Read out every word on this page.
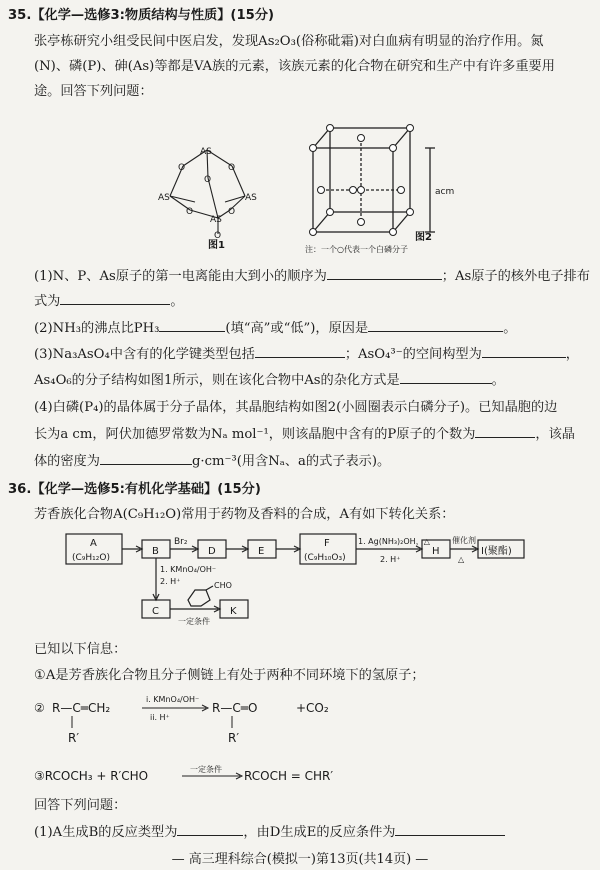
35.【化学—选修3:物质结构与性质】(15分)
张亭栋研究小组受民间中医启发，发现As₂O₃(俗称砒霜)对白血病有明显的治疗作用。氮
(N)、磷(P)、砷(As)等都是VA族的元素，该族元素的化合物在研究和生产中有许多重要用
途。回答下列问题：
AS
O	O
O
AS	AS
O	O
AS
O
图1
acm
图2
注：一个○代表一个白磷分子
(1)N、P、As原子的第一电离能由大到小的顺序为	；As原子的核外电子排布
式为	。
(2)NH₃的沸点比PH₃	(填“高”或“低”)，原因是	。
(3)Na₃AsO₄中含有的化学键类型包括	；AsO₄³⁻的空间构型为	，
As₄O₆的分子结构如图1所示，则在该化合物中As的杂化方式是	。
(4)白磷(P₄)的晶体属于分子晶体，其晶胞结构如图2(小圆圈表示白磷分子)。已知晶胞的边
长为a cm，阿伏加德罗常数为Nₐ mol⁻¹，则该晶胞中含有的P原子的个数为	，该晶
体的密度为	g·cm⁻³(用含Nₐ、a的式子表示)。
36.【化学—选修5:有机化学基础】(15分)
芳香族化合物A(C₉H₁₂O)常用于药物及香料的合成，A有如下转化关系：
A
(C₉H₁₂O)
B	D	E
F
(C₉H₁₀O₃)
H	I(聚酯)
C	K
Br₂
1. KMnO₄/OH⁻
2. H⁺
1. Ag(NH₃)₂OH，△
2. H⁺
催化剂
△
CHO
一定条件
已知以下信息：
①A是芳香族化合物且分子侧链上有处于两种不同环境下的氢原子；
② R—C═CH₂
R′
i. KMnO₄/OH⁻
ii. H⁺
R—C═O
R′
+CO₂
③RCOCH₃ + R′CHO	一定条件 RCOCH = CHR′
回答下列问题：
(1)A生成B的反应类型为	，由D生成E的反应条件为
— 高三理科综合(模拟一)第13页(共14页) —
